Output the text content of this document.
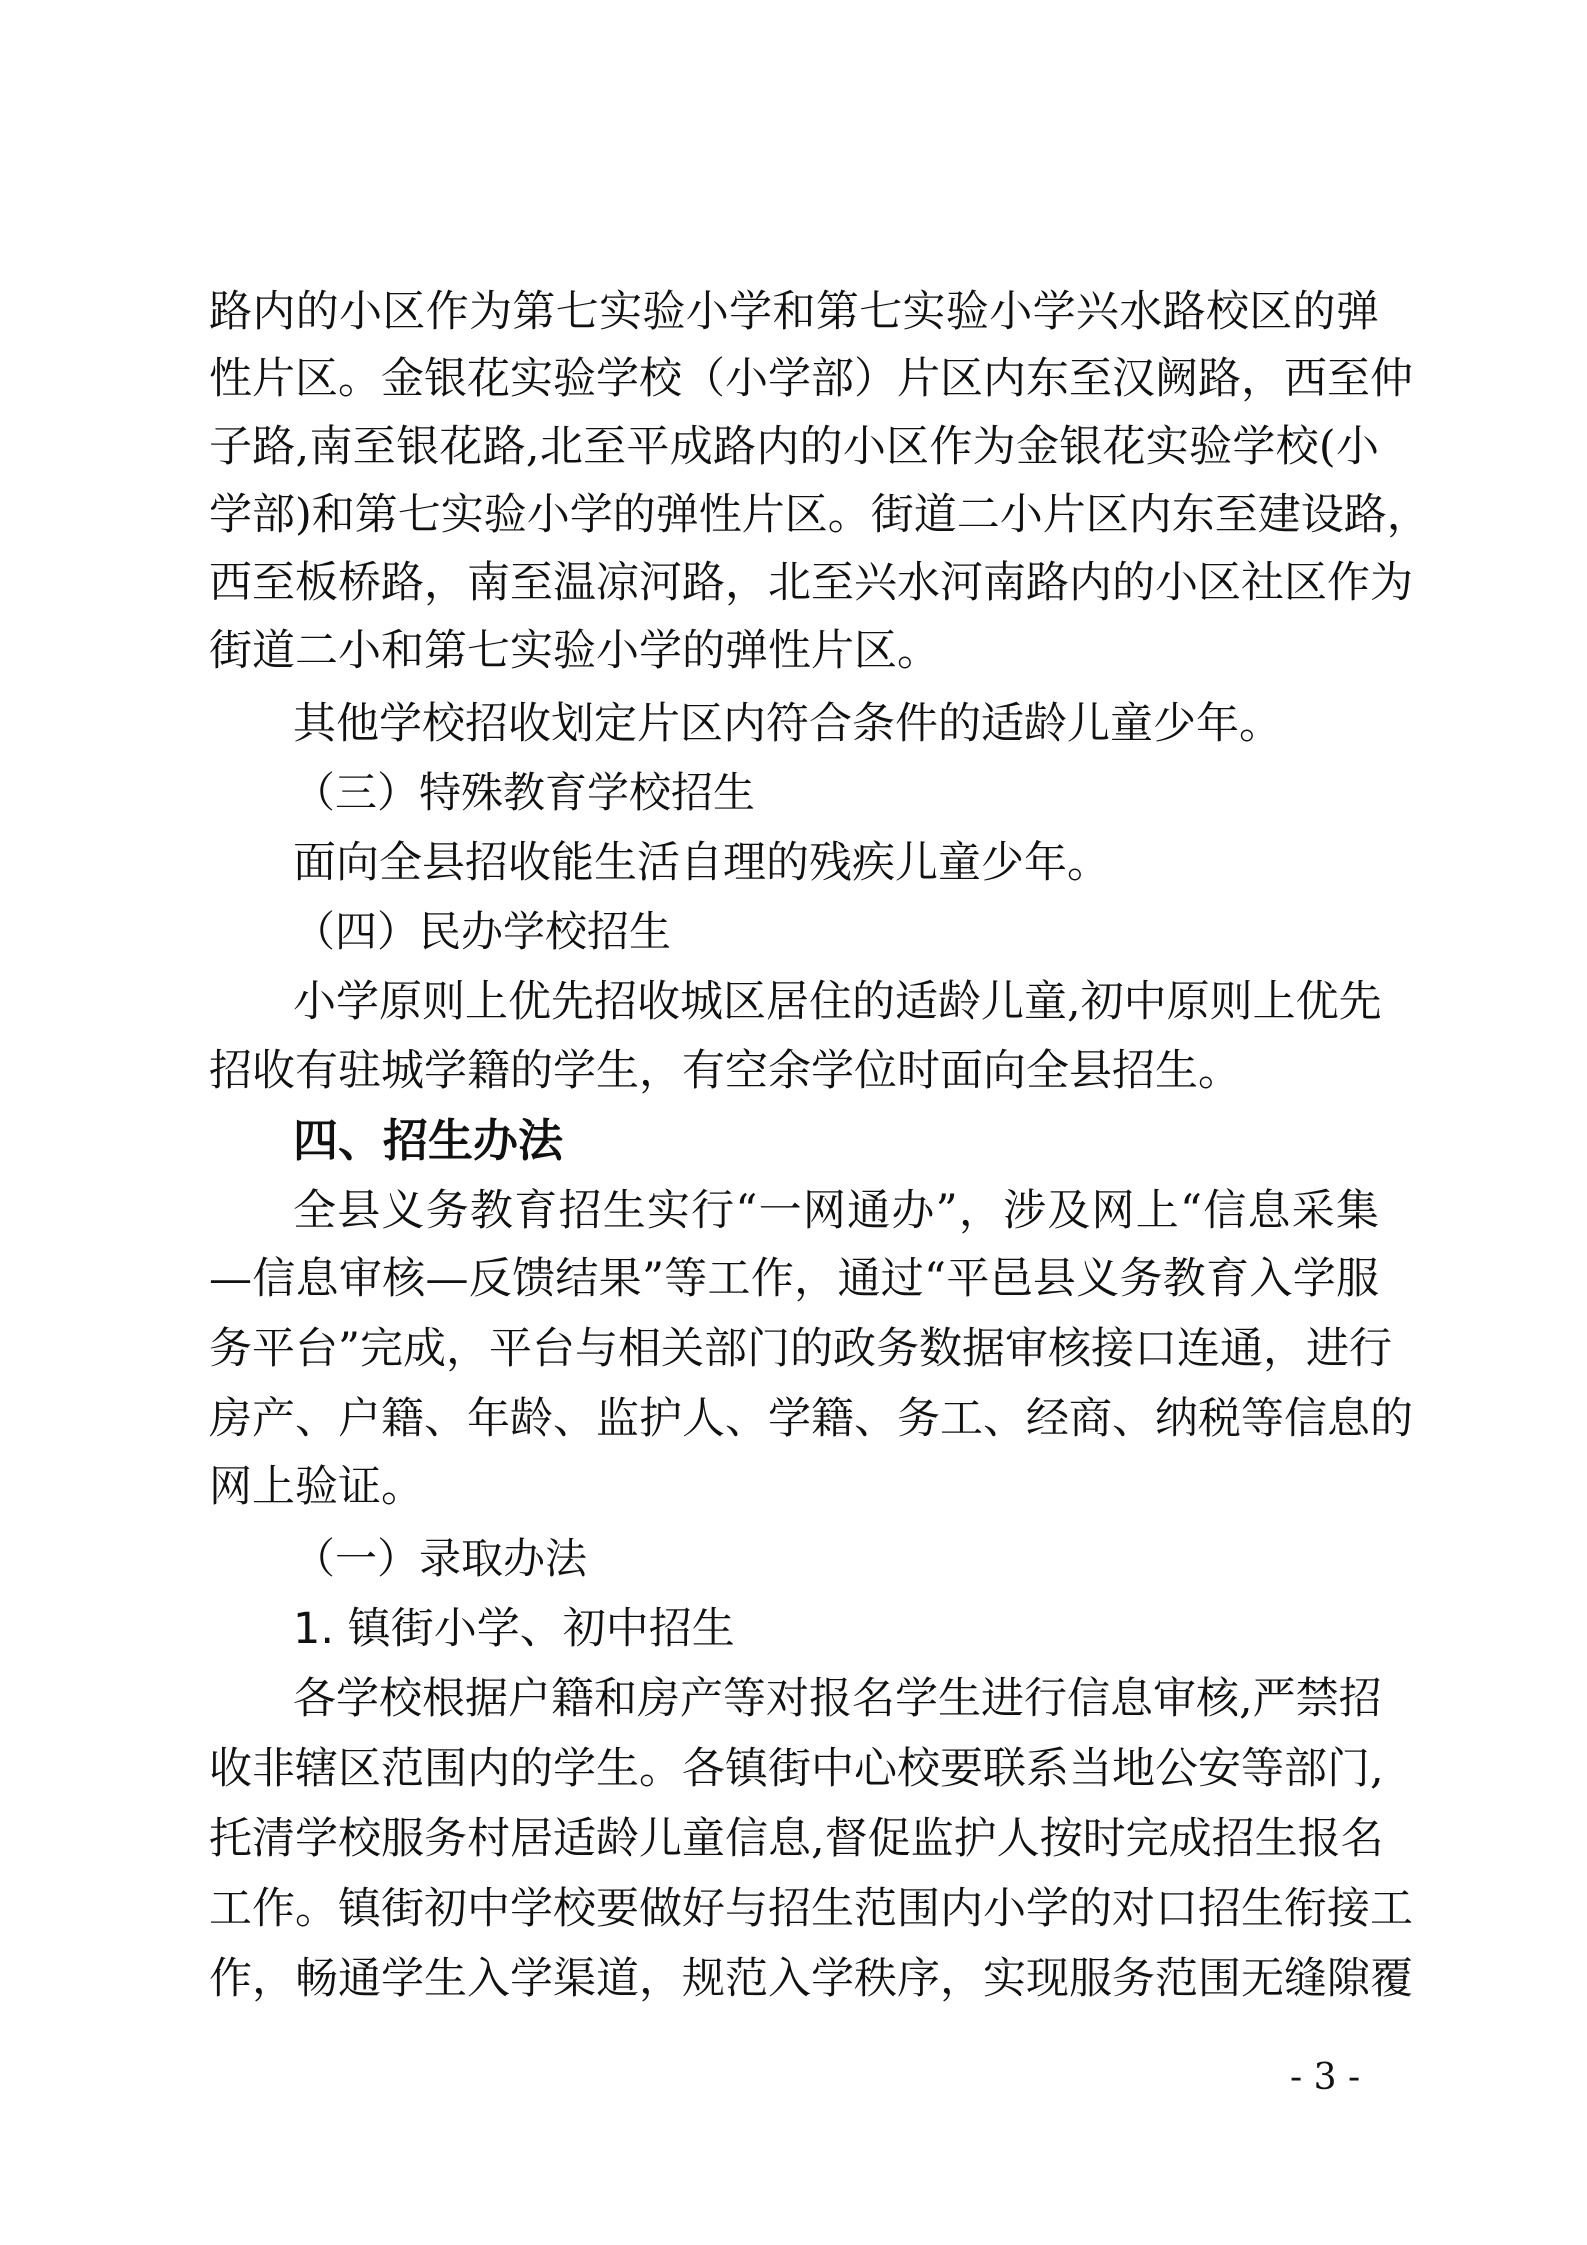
路内的小区作为第七实验小学和第七实验小学兴水路校区的弹
性片区。金银花实验学校（小学部）片区内东至汉阙路，西至仲
子路,南至银花路,北至平成路内的小区作为金银花实验学校(小
学部)和第七实验小学的弹性片区。街道二小片区内东至建设路，
西至板桥路，南至温凉河路，北至兴水河南路内的小区社区作为
街道二小和第七实验小学的弹性片区。
其他学校招收划定片区内符合条件的适龄儿童少年。
（三）特殊教育学校招生
面向全县招收能生活自理的残疾儿童少年。
（四）民办学校招生
小学原则上优先招收城区居住的适龄儿童,初中原则上优先
招收有驻城学籍的学生，有空余学位时面向全县招生。
四、招生办法
全县义务教育招生实行“一网通办”，涉及网上“信息采集
—信息审核—反馈结果”等工作，通过“平邑县义务教育入学服
务平台”完成，平台与相关部门的政务数据审核接口连通，进行
房产、户籍、年龄、监护人、学籍、务工、经商、纳税等信息的
网上验证。
（一）录取办法
1. 镇街小学、初中招生
各学校根据户籍和房产等对报名学生进行信息审核,严禁招
收非辖区范围内的学生。各镇街中心校要联系当地公安等部门,
托清学校服务村居适龄儿童信息,督促监护人按时完成招生报名
工作。镇街初中学校要做好与招生范围内小学的对口招生衔接工
作，畅通学生入学渠道，规范入学秩序，实现服务范围无缝隙覆
- 3 -
